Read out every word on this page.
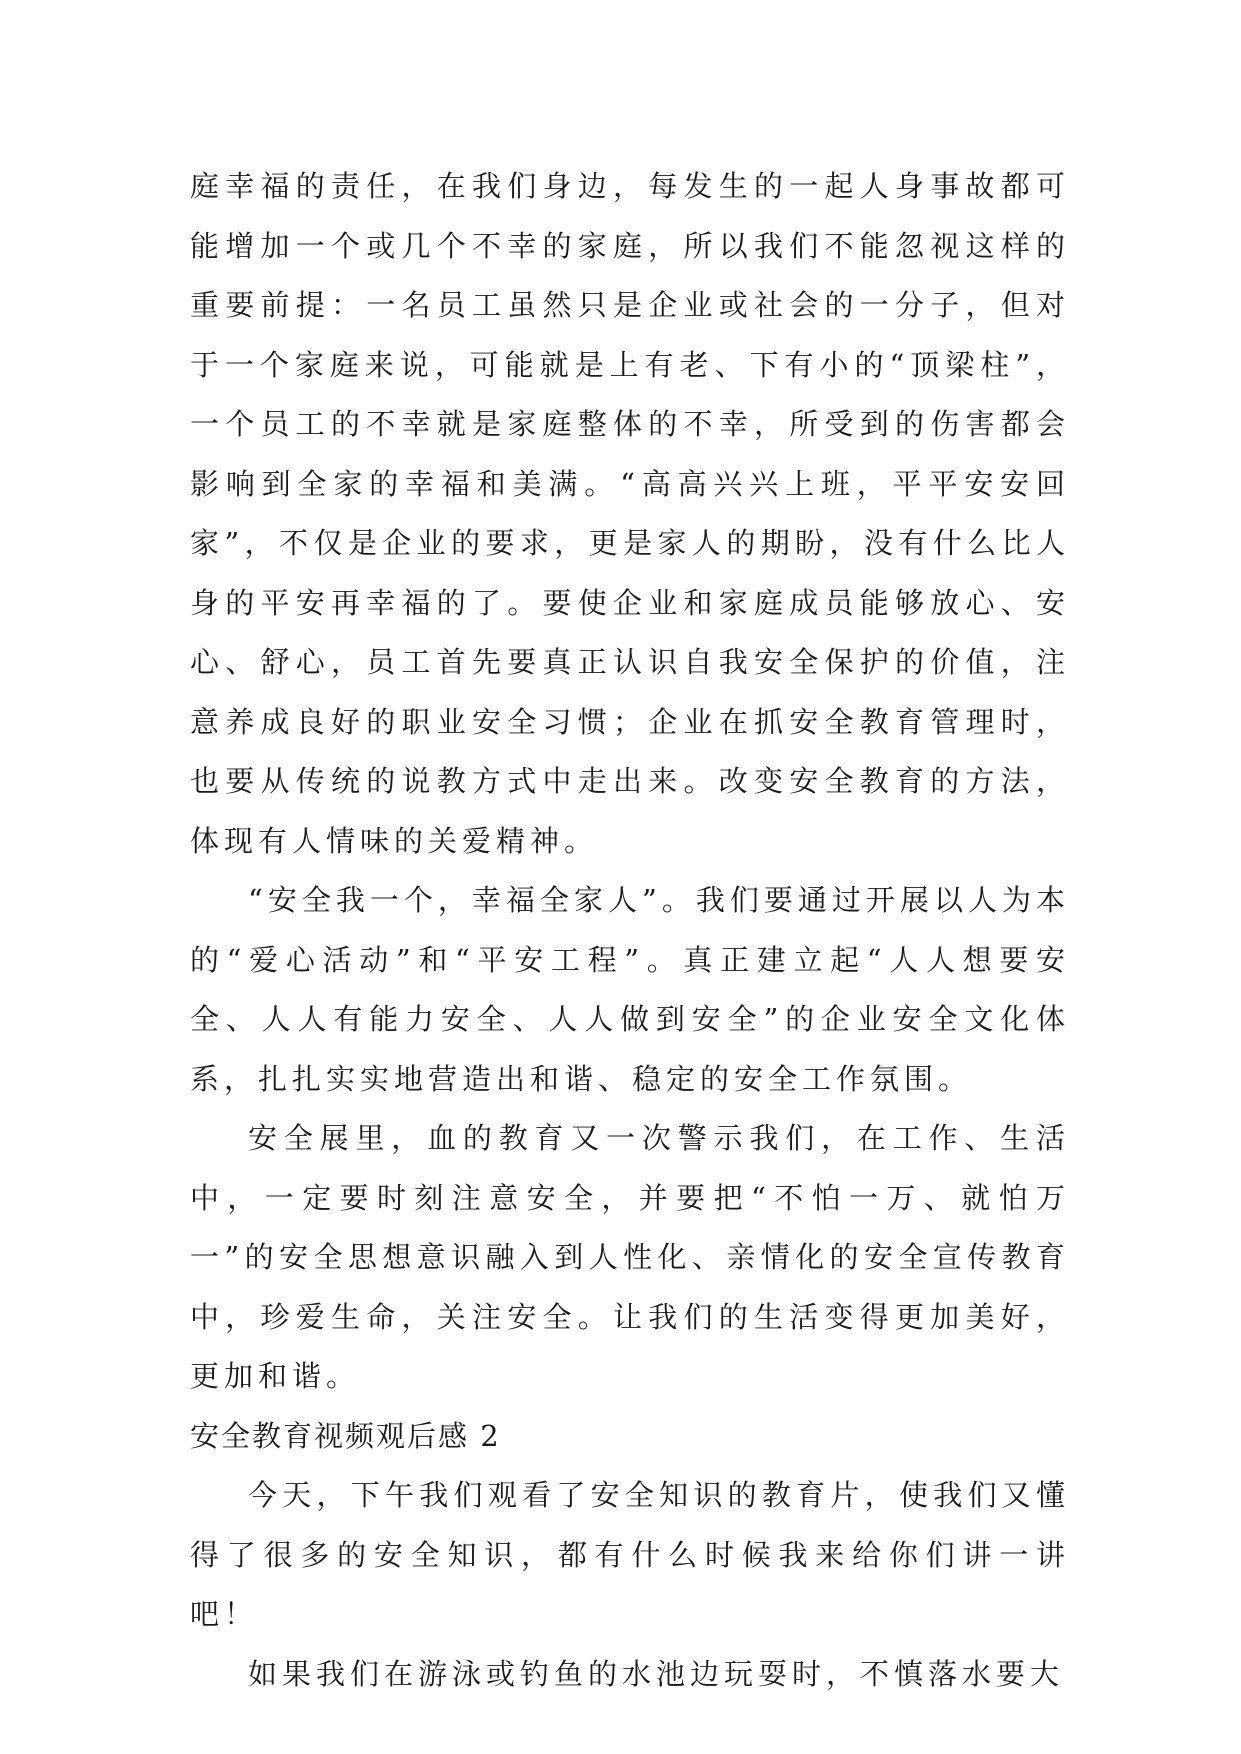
庭幸福的责任，在我们身边，每发生的一起人身事故都可能增加一个或几个不幸的家庭，所以我们不能忽视这样的重要前提：一名员工虽然只是企业或社会的一分子，但对于一个家庭来说，可能就是上有老、下有小的“顶梁柱”，一个员工的不幸就是家庭整体的不幸，所受到的伤害都会影响到全家的幸福和美满。“高高兴兴上班，平平安安回家”，不仅是企业的要求，更是家人的期盼，没有什么比人身的平安再幸福的了。要使企业和家庭成员能够放心、安心、舒心，员工首先要真正认识自我安全保护的价值，注意养成良好的职业安全习惯；企业在抓安全教育管理时，也要从传统的说教方式中走出来。改变安全教育的方法，体现有人情味的关爱精神。

“安全我一个，幸福全家人”。我们要通过开展以人为本的“爱心活动”和“平安工程”。真正建立起“人人想要安全、人人有能力安全、人人做到安全”的企业安全文化体系，扎扎实实地营造出和谐、稳定的安全工作氛围。

安全展里，血的教育又一次警示我们，在工作、生活中，一定要时刻注意安全，并要把“不怕一万、就怕万一”的安全思想意识融入到人性化、亲情化的安全宣传教育中，珍爱生命，关注安全。让我们的生活变得更加美好，更加和谐。

安全教育视频观后感 2

今天，下午我们观看了安全知识的教育片，使我们又懂得了很多的安全知识，都有什么时候我来给你们讲一讲吧！

如果我们在游泳或钓鱼的水池边玩耍时，不慎落水要大
